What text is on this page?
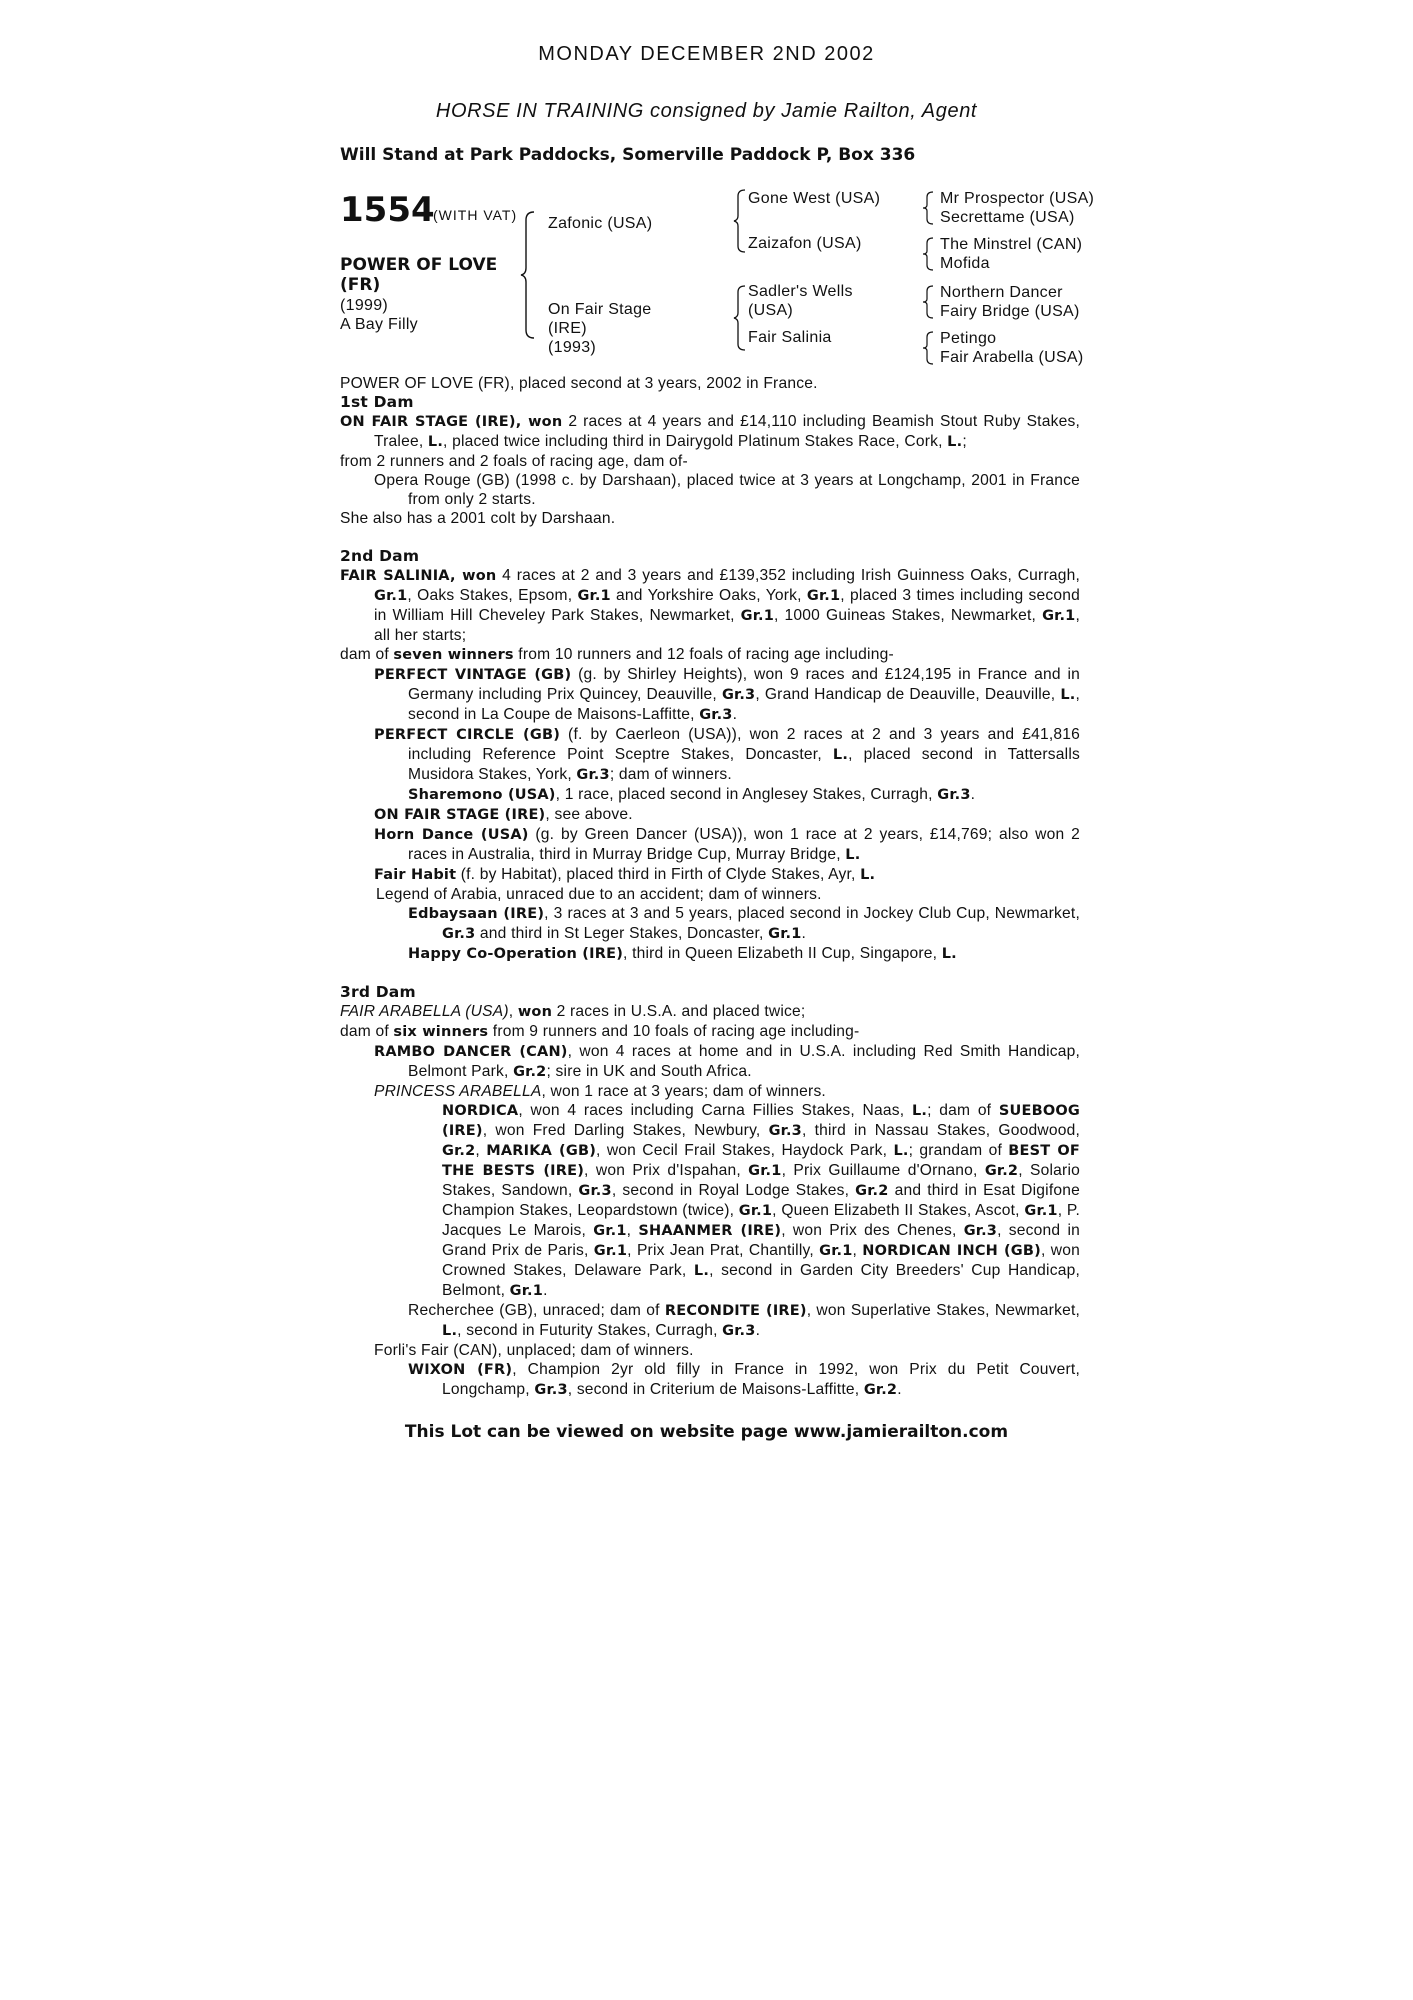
MONDAY DECEMBER 2ND 2002
HORSE IN TRAINING consigned by Jamie Railton, Agent
Will Stand at Park Paddocks, Somerville Paddock P, Box 336
1554
(WITH VAT)
POWER OF LOVE
(FR)
(1999)
A Bay Filly
Zafonic (USA)
On Fair Stage
(IRE)
(1993)
Gone West (USA)
Zaizafon (USA)
Sadler's Wells
(USA)
Fair Salinia
Mr Prospector (USA)
Secrettame (USA)
The Minstrel (CAN)
Mofida
Northern Dancer
Fairy Bridge (USA)
Petingo
Fair Arabella (USA)

POWER OF LOVE (FR), placed second at 3 years, 2002 in France.

1st Dam

ON FAIR STAGE (IRE), won 2 races at 4 years and £14,110 including Beamish Stout Ruby Stakes, Tralee, L., placed twice including third in Dairygold Platinum Stakes Race, Cork, L.;

from 2 runners and 2 foals of racing age, dam of-

Opera Rouge (GB) (1998 c. by Darshaan), placed twice at 3 years at Longchamp, 2001 in France from only 2 starts.

She also has a 2001 colt by Darshaan.

2nd Dam

FAIR SALINIA, won 4 races at 2 and 3 years and £139,352 including Irish Guinness Oaks, Curragh, Gr.1, Oaks Stakes, Epsom, Gr.1 and Yorkshire Oaks, York, Gr.1, placed 3 times including second in William Hill Cheveley Park Stakes, Newmarket, Gr.1, 1000 Guineas Stakes, Newmarket, Gr.1, all her starts;

dam of seven winners from 10 runners and 12 foals of racing age including-

PERFECT VINTAGE (GB) (g. by Shirley Heights), won 9 races and £124,195 in France and in Germany including Prix Quincey, Deauville, Gr.3, Grand Handicap de Deauville, Deauville, L., second in La Coupe de Maisons-Laffitte, Gr.3.

PERFECT CIRCLE (GB) (f. by Caerleon (USA)), won 2 races at 2 and 3 years and £41,816 including Reference Point Sceptre Stakes, Doncaster, L., placed second in Tattersalls Musidora Stakes, York, Gr.3; dam of winners.

Sharemono (USA), 1 race, placed second in Anglesey Stakes, Curragh, Gr.3.

ON FAIR STAGE (IRE), see above.

Horn Dance (USA) (g. by Green Dancer (USA)), won 1 race at 2 years, £14,769; also won 2 races in Australia, third in Murray Bridge Cup, Murray Bridge, L.

Fair Habit (f. by Habitat), placed third in Firth of Clyde Stakes, Ayr, L.

Legend of Arabia, unraced due to an accident; dam of winners.

Edbaysaan (IRE), 3 races at 3 and 5 years, placed second in Jockey Club Cup, Newmarket, Gr.3 and third in St Leger Stakes, Doncaster, Gr.1.

Happy Co-Operation (IRE), third in Queen Elizabeth II Cup, Singapore, L.

3rd Dam

FAIR ARABELLA (USA), won 2 races in U.S.A. and placed twice;

dam of six winners from 9 runners and 10 foals of racing age including-

RAMBO DANCER (CAN), won 4 races at home and in U.S.A. including Red Smith Handicap, Belmont Park, Gr.2; sire in UK and South Africa.

PRINCESS ARABELLA, won 1 race at 3 years; dam of winners.

NORDICA, won 4 races including Carna Fillies Stakes, Naas, L.; dam of SUEBOOG (IRE), won Fred Darling Stakes, Newbury, Gr.3, third in Nassau Stakes, Goodwood, Gr.2, MARIKA (GB), won Cecil Frail Stakes, Haydock Park, L.; grandam of BEST OF THE BESTS (IRE), won Prix d'Ispahan, Gr.1, Prix Guillaume d'Ornano, Gr.2, Solario Stakes, Sandown, Gr.3, second in Royal Lodge Stakes, Gr.2 and third in Esat Digifone Champion Stakes, Leopardstown (twice), Gr.1, Queen Elizabeth II Stakes, Ascot, Gr.1, P. Jacques Le Marois, Gr.1, SHAANMER (IRE), won Prix des Chenes, Gr.3, second in Grand Prix de Paris, Gr.1, Prix Jean Prat, Chantilly, Gr.1, NORDICAN INCH (GB), won Crowned Stakes, Delaware Park, L., second in Garden City Breeders' Cup Handicap, Belmont, Gr.1.

Recherchee (GB), unraced; dam of RECONDITE (IRE), won Superlative Stakes, Newmarket, L., second in Futurity Stakes, Curragh, Gr.3.

Forli's Fair (CAN), unplaced; dam of winners.

WIXON (FR), Champion 2yr old filly in France in 1992, won Prix du Petit Couvert, Longchamp, Gr.3, second in Criterium de Maisons-Laffitte, Gr.2.

This Lot can be viewed on website page www.jamierailton.com
